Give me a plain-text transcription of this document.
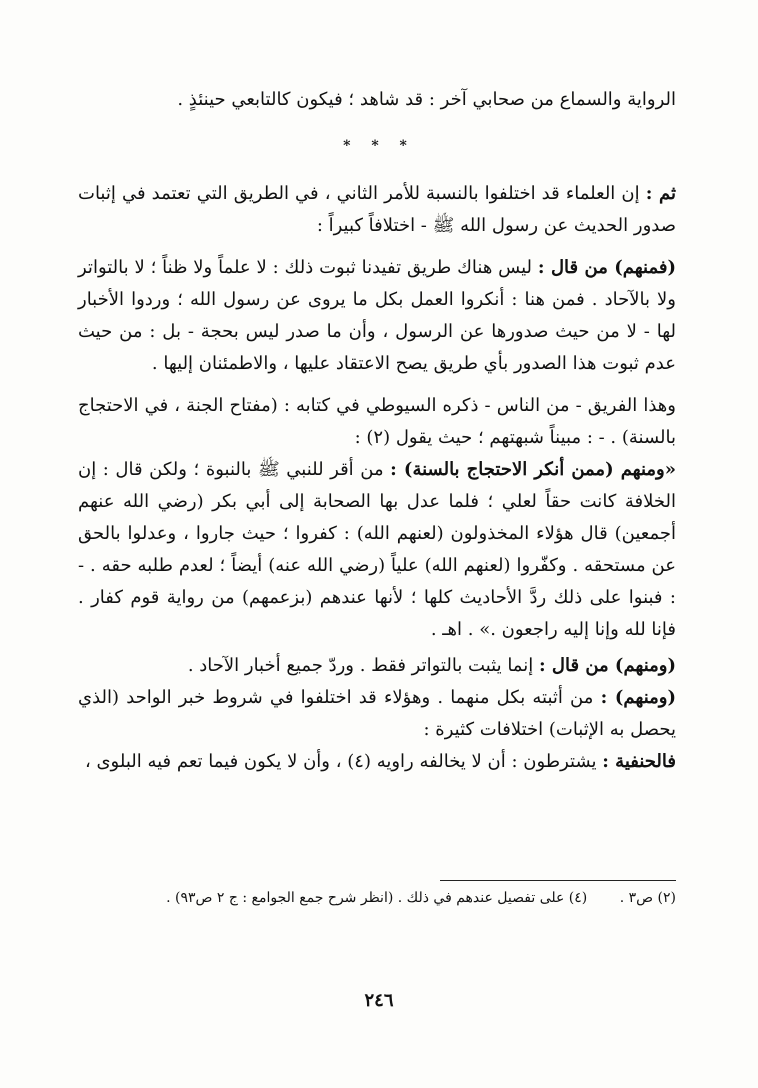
الرواية والسماع من صحابي آخر : قد شاهد ؛ فيكون كالتابعي حينئذٍ .

* * *

ثم : إن العلماء قد اختلفوا بالنسبة للأمر الثاني ، في الطريق التي تعتمد في إثبات صدور الحديث عن رسول الله ﷺ - اختلافاً كبيراً :

(فمنهم) من قال : ليس هناك طريق تفيدنا ثبوت ذلك : لا علماً ولا ظناً ؛ لا بالتواتر ولا بالآحاد . فمن هنا : أنكروا العمل بكل ما يروى عن رسول الله ؛ وردوا الأخبار لها - لا من حيث صدورها عن الرسول ، وأن ما صدر ليس بحجة - بل : من حيث عدم ثبوت هذا الصدور بأي طريق يصح الاعتقاد عليها ، والاطمئنان إليها .

وهذا الفريق - من الناس - ذكره السيوطي في كتابه : (مفتاح الجنة ، في الاحتجاج بالسنة) . - : مبيناً شبهتهم ؛ حيث يقول (٢) :

«ومنهم (ممن أنكر الاحتجاج بالسنة) : من أقر للنبي ﷺ بالنبوة ؛ ولكن قال : إن الخلافة كانت حقاً لعلي ؛ فلما عدل بها الصحابة إلى أبي بكر (رضي الله عنهم أجمعين) قال هؤلاء المخذولون (لعنهم الله) : كفروا ؛ حيث جاروا ، وعدلوا بالحق عن مستحقه . وكفّروا (لعنهم الله) علياً (رضي الله عنه) أيضاً ؛ لعدم طلبه حقه . - : فبنوا على ذلك ردَّ الأحاديث كلها ؛ لأنها عندهم (بزعمهم) من رواية قوم كفار . فإنا لله وإنا إليه راجعون .» . اهـ .

(ومنهم) من قال : إنما يثبت بالتواتر فقط . وردّ جميع أخبار الآحاد .

(ومنهم) : من أثبته بكل منهما . وهؤلاء قد اختلفوا في شروط خبر الواحد (الذي يحصل به الإثبات) اختلافات كثيرة :

فالحنفية : يشترطون : أن لا يخالفه راويه (٤) ، وأن لا يكون فيما تعم فيه البلوى ،

(٢) ص٣ . (٤) على تفصيل عندهم في ذلك . (انظر شرح جمع الجوامع : ج ٢ ص٩٣) .
٢٤٦
